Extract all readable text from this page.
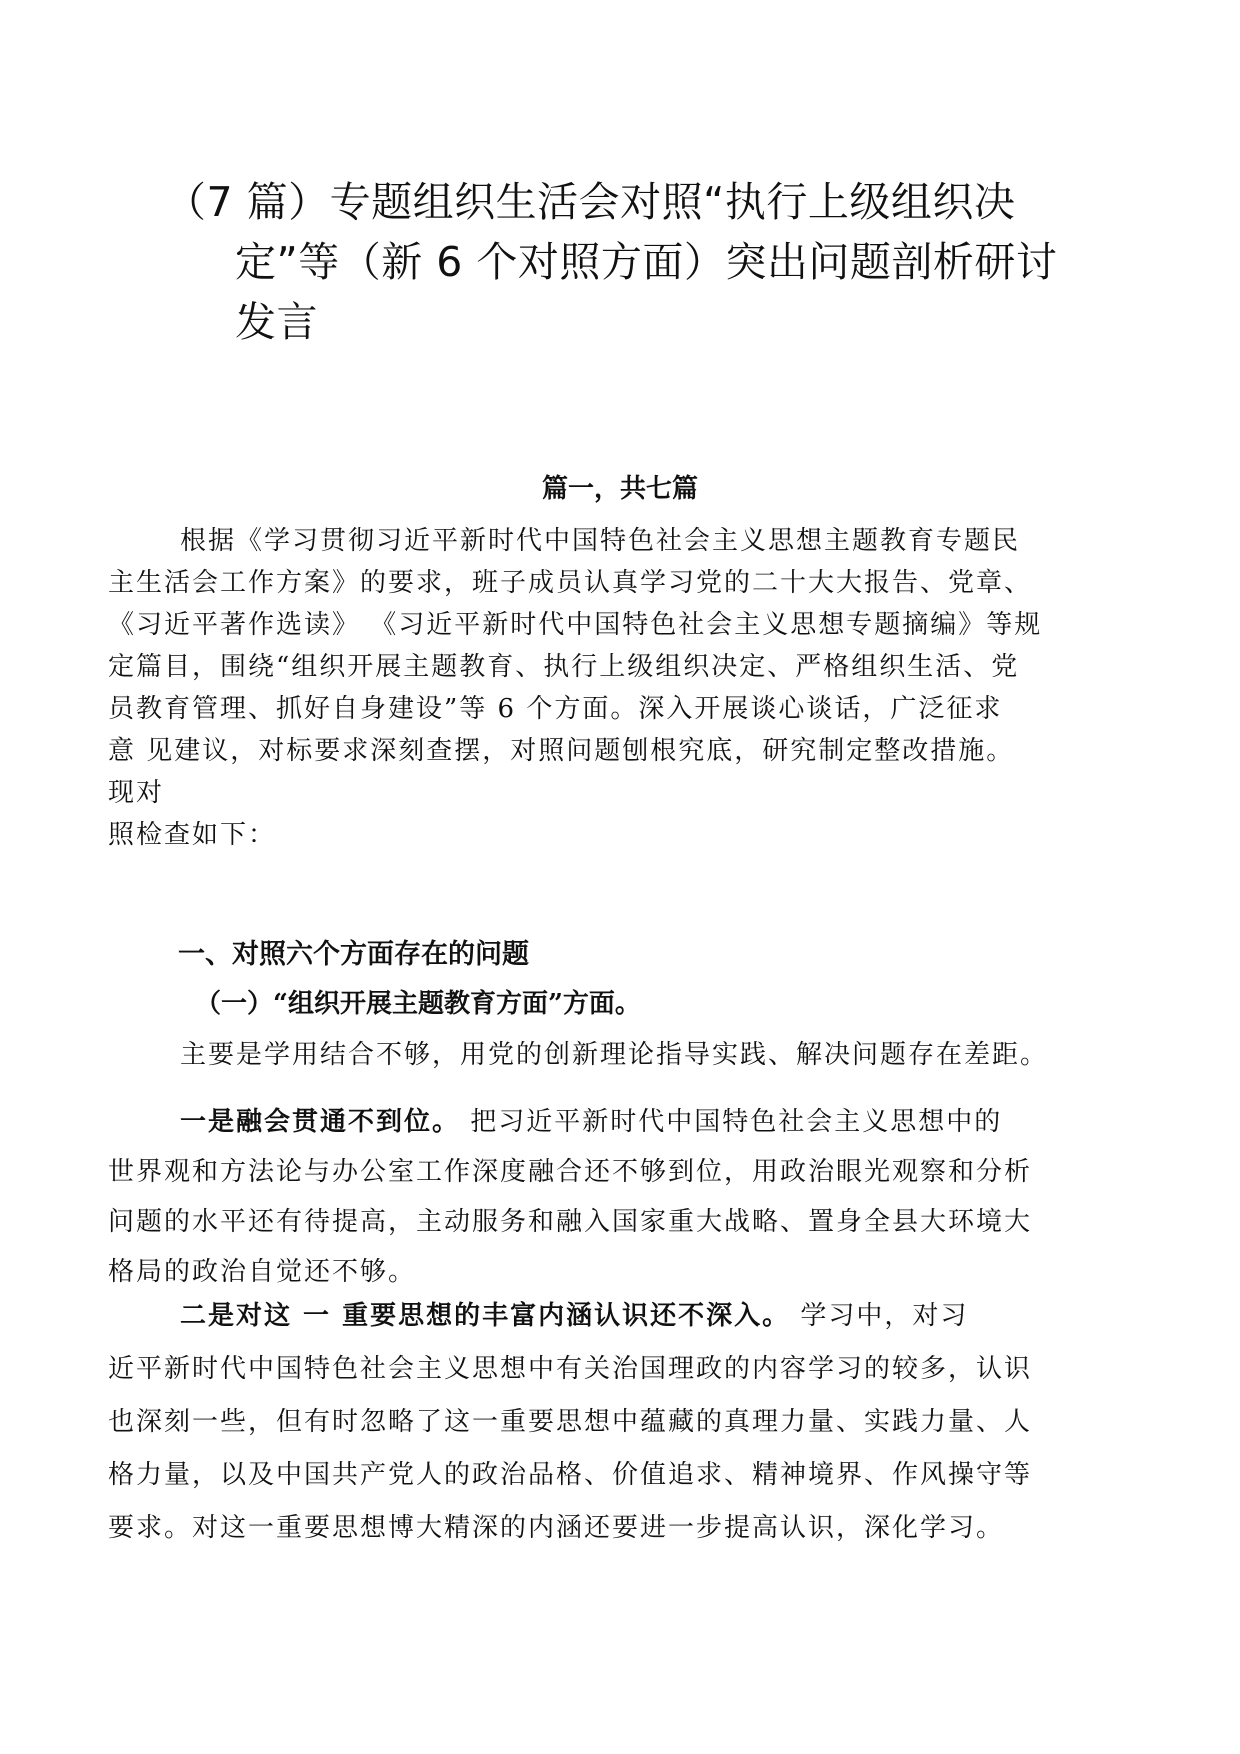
（7 篇）专题组织生活会对照“执行上级组织决
定”等（新 6 个对照方面）突出问题剖析研讨
发言
篇一，共七篇
根据《学习贯彻习近平新时代中国特色社会主义思想主题教育专题民
主生活会工作方案》的要求，班子成员认真学习党的二十大大报告、党章、
《习近平著作选读》 《习近平新时代中国特色社会主义思想专题摘编》等规
定篇目，围绕“组织开展主题教育、执行上级组织决定、严格组织生活、党
员教育管理、抓好自身建设”等 6 个方面。深入开展谈心谈话，广泛征求
意 见建议，对标要求深刻查摆，对照问题刨根究底，研究制定整改措施。
现对
照检查如下：
一、对照六个方面存在的问题
（一）“组织开展主题教育方面”方面。
主要是学用结合不够，用党的创新理论指导实践、解决问题存在差距。
一是融会贯通不到位。 把习近平新时代中国特色社会主义思想中的
世界观和方法论与办公室工作深度融合还不够到位，用政治眼光观察和分析
问题的水平还有待提高，主动服务和融入国家重大战略、置身全县大环境大
格局的政治自觉还不够。
二是对这 一 重要思想的丰富内涵认识还不深入。 学习中，对习
近平新时代中国特色社会主义思想中有关治国理政的内容学习的较多，认识
也深刻一些，但有时忽略了这一重要思想中蕴藏的真理力量、实践力量、人
格力量，以及中国共产党人的政治品格、价值追求、精神境界、作风操守等
要求。对这一重要思想博大精深的内涵还要进一步提高认识，深化学习。
